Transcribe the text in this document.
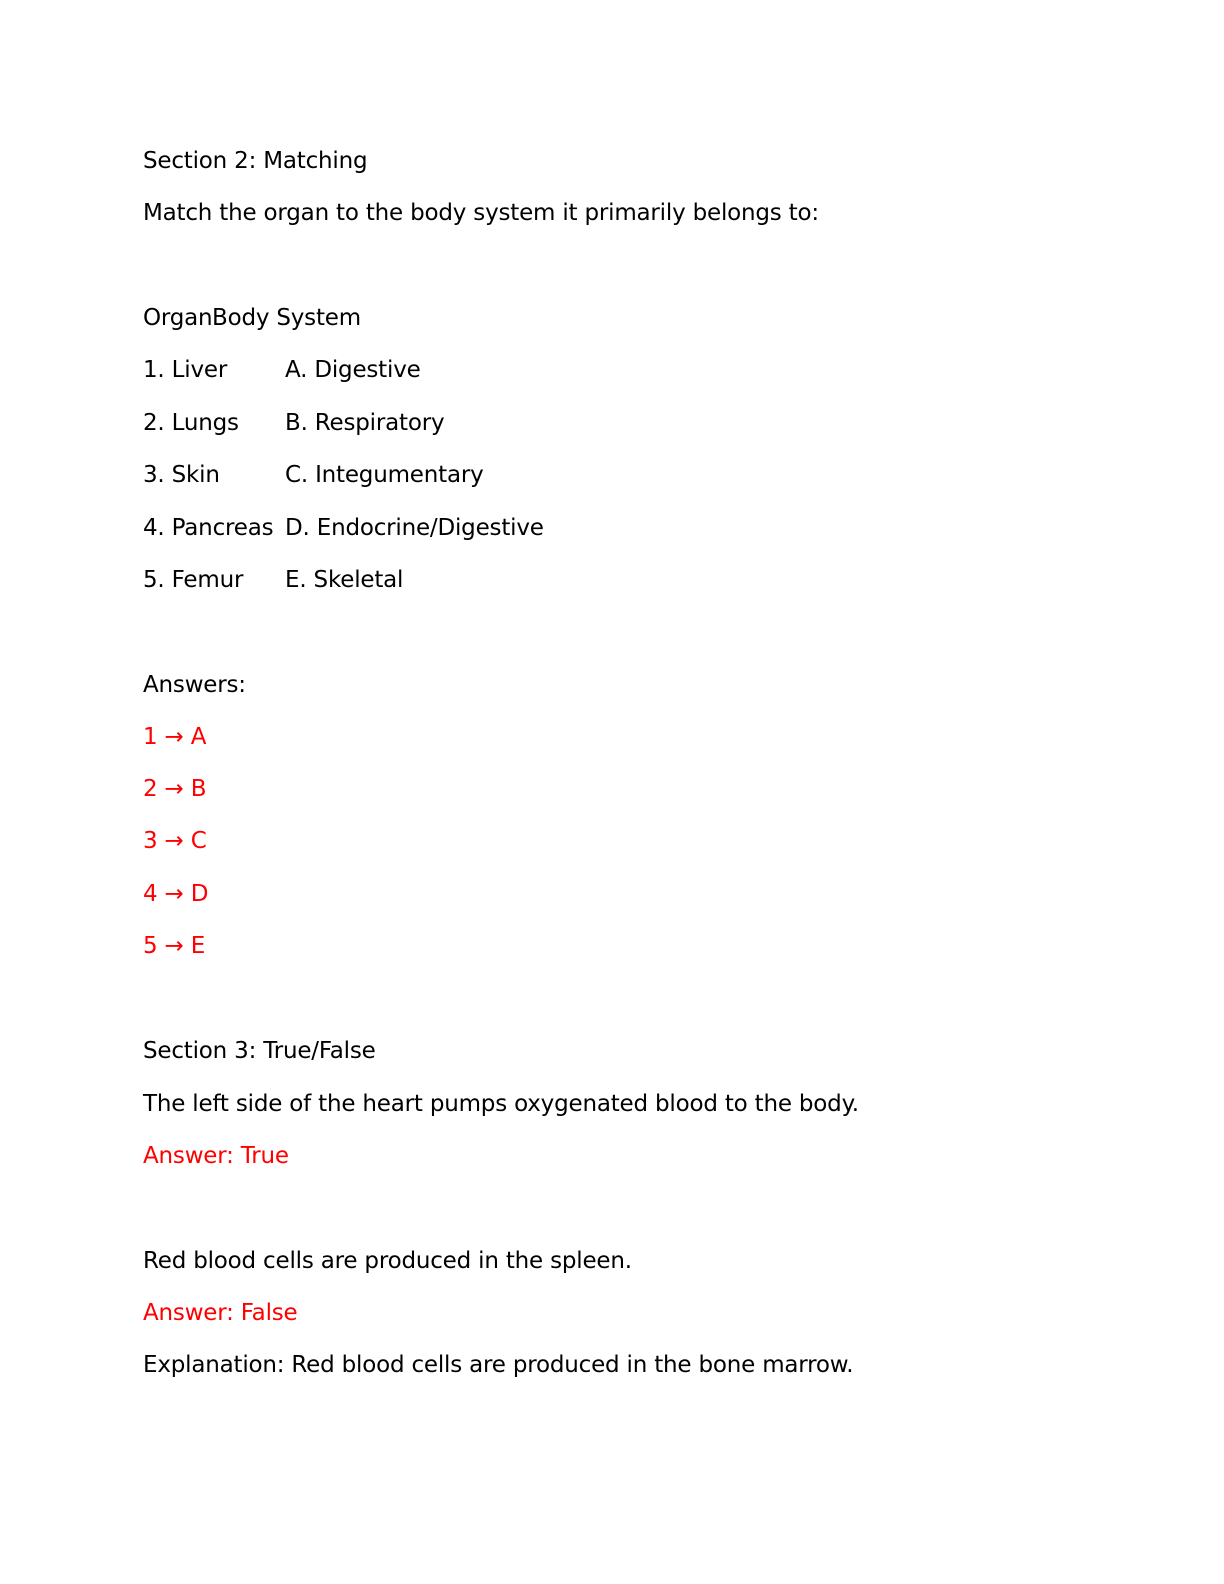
Section 2: Matching
Match the organ to the body system it primarily belongs to:
Organ Body System
1. Liver	A. Digestive
2. Lungs B. Respiratory
3. Skin	C. Integumentary
4. Pancreas D. Endocrine/Digestive
5. Femur E. Skeletal
Answers:
1 → A
2 → B
3 → C
4 → D
5 → E
Section 3: True/False
The left side of the heart pumps oxygenated blood to the body.
Answer: True
Red blood cells are produced in the spleen.
Answer: False
Explanation: Red blood cells are produced in the bone marrow.
